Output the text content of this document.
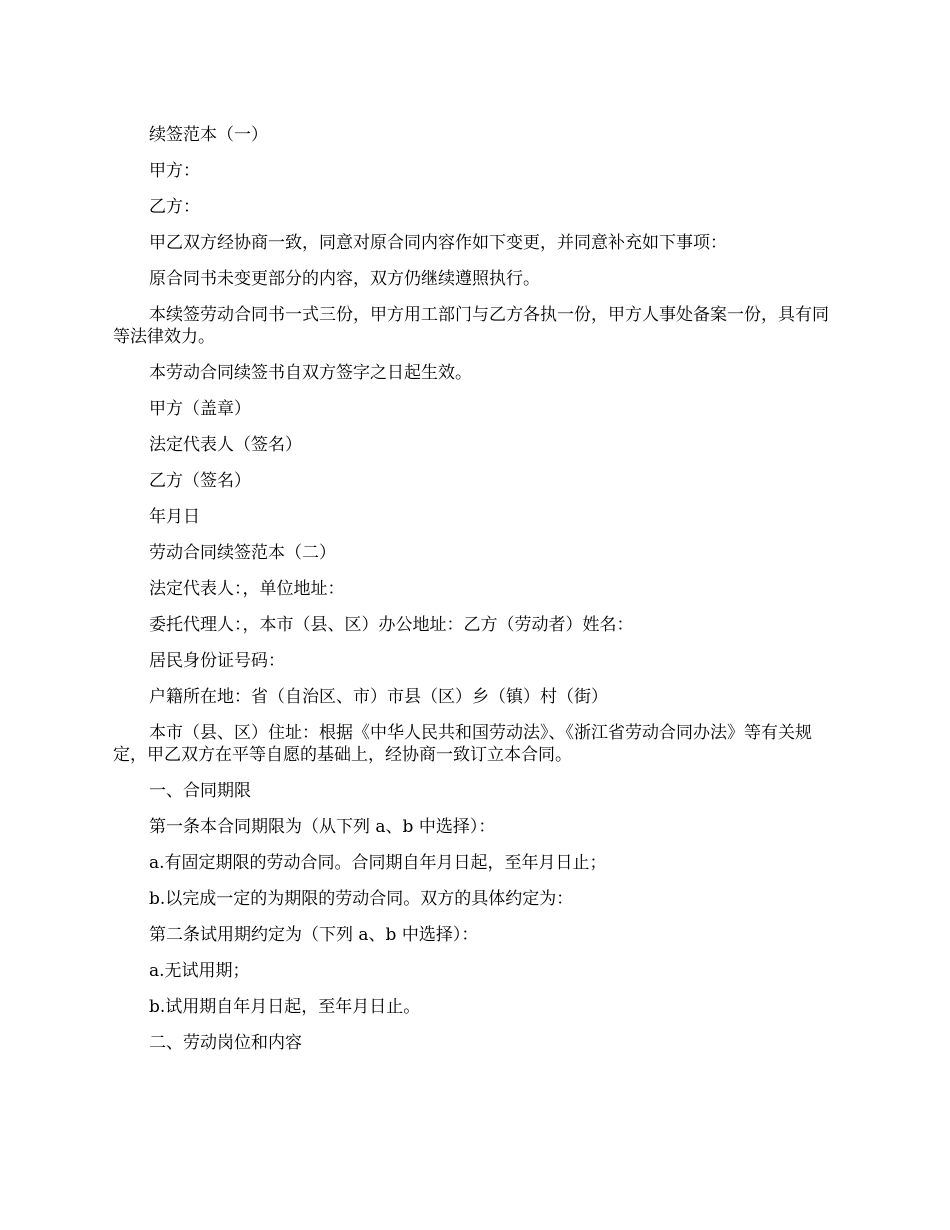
续签范本（一）

甲方：

乙方：

甲乙双方经协商一致，同意对原合同内容作如下变更，并同意补充如下事项：

原合同书未变更部分的内容，双方仍继续遵照执行。

本续签劳动合同书一式三份，甲方用工部门与乙方各执一份，甲方人事处备案一份，具有同等法律效力。

本劳动合同续签书自双方签字之日起生效。

甲方（盖章）

法定代表人（签名）

乙方（签名）

年月日

劳动合同续签范本（二）

法定代表人：，单位地址：

委托代理人：，本市（县、区）办公地址：乙方（劳动者）姓名：

居民身份证号码：

户籍所在地：省（自治区、市）市县（区）乡（镇）村（街）

本市（县、区）住址：根据《中华人民共和国劳动法》、《浙江省劳动合同办法》等有关规定，甲乙双方在平等自愿的基础上，经协商一致订立本合同。

一、合同期限

第一条本合同期限为（从下列 a、b 中选择）：

a.有固定期限的劳动合同。合同期自年月日起，至年月日止；

b.以完成一定的为期限的劳动合同。双方的具体约定为：

第二条试用期约定为（下列 a、b 中选择）：

a.无试用期；

b.试用期自年月日起，至年月日止。

二、劳动岗位和内容
